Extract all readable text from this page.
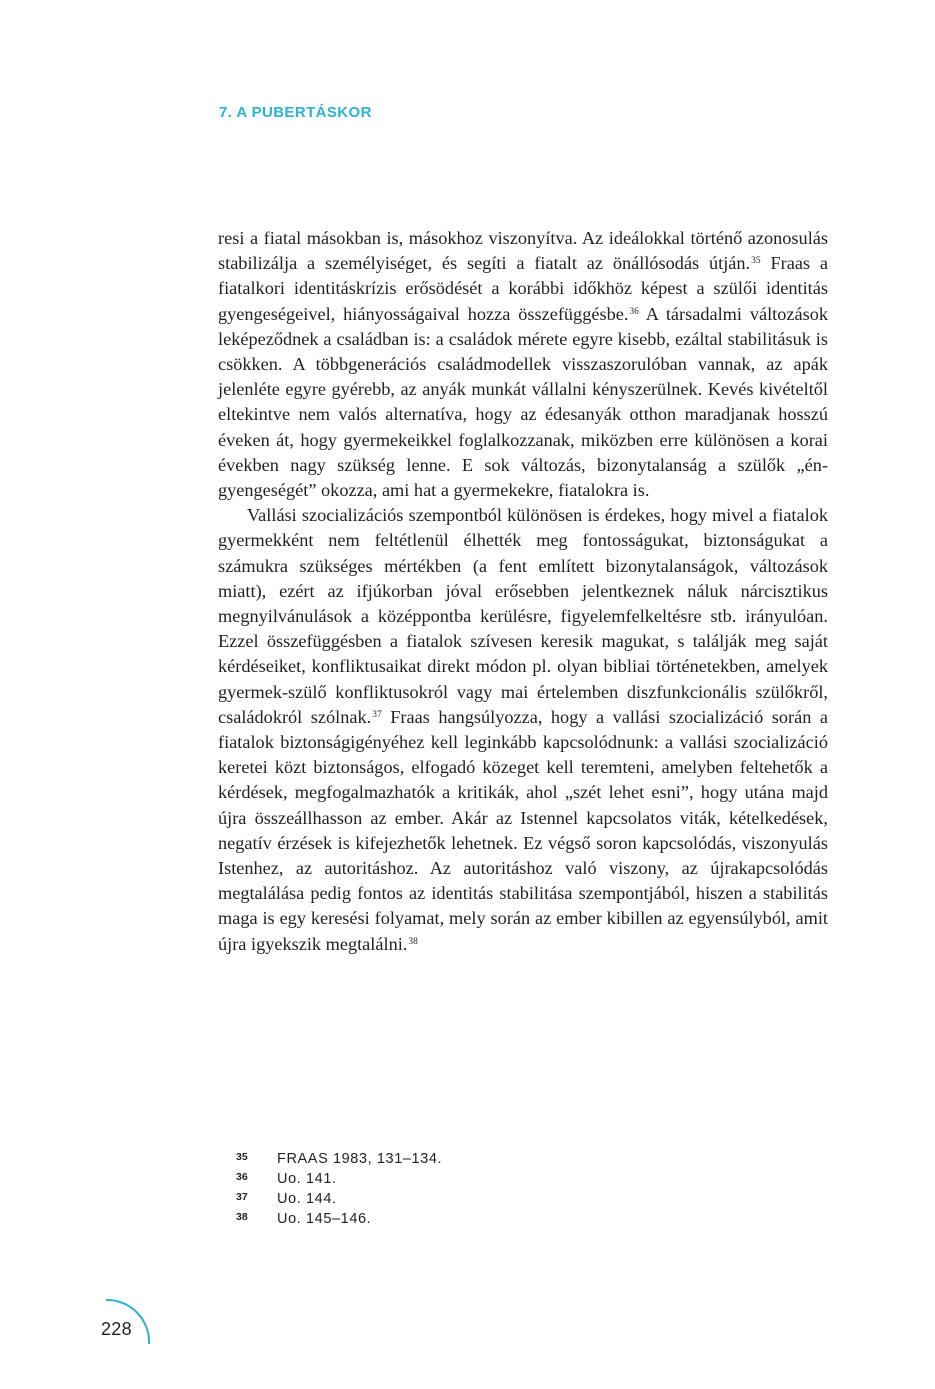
7. A PUBERTÁSKOR

resi a fiatal másokban is, másokhoz viszonyítva. Az ideálokkal történő azonosulás stabilizálja a személyiséget, és segíti a fiatalt az önállósodás útján.$^{35}$ Fraas a fiatalkori identitáskrízis erősödését a korábbi időkhöz képest a szülői identitás gyengeségeivel, hiányosságaival hozza összefüggésbe.$^{36}$ A társadalmi változások leképeződnek a családban is: a családok mérete egyre kisebb, ezáltal stabilitásuk is csökken. A többgenerációs családmodellek visszaszorulóban vannak, az apák jelenléte egyre gyérebb, az anyák munkát vállalni kényszerülnek. Kevés kivételtől eltekintve nem valós alternatíva, hogy az édesanyák otthon maradjanak hosszú éveken át, hogy gyermekeikkel foglalkozzanak, miközben erre különösen a korai években nagy szükség lenne. E sok változás, bizonytalanság a szülők „én-gyengeségét” okozza, ami hat a gyermekekre, fiatalokra is.

Vallási szocializációs szempontból különösen is érdekes, hogy mivel a fiatalok gyermekként nem feltétlenül élhették meg fontosságukat, biztonságukat a számukra szükséges mértékben (a fent említett bizonytalanságok, változások miatt), ezért az ifjúkorban jóval erősebben jelentkeznek náluk nárcisztikus megnyilvánulások a középpontba kerülésre, figyelemfelkeltésre stb. irányulóan. Ezzel összefüggésben a fiatalok szívesen keresik magukat, s találják meg saját kérdéseiket, konfliktusaikat direkt módon pl. olyan bibliai történetekben, amelyek gyermek-szülő konfliktusokról vagy mai értelemben diszfunkcionális szülőkről, családokról szólnak.$^{37}$ Fraas hangsúlyozza, hogy a vallási szocializáció során a fiatalok biztonságigényéhez kell leginkább kapcsolódnunk: a vallási szocializáció keretei közt biztonságos, elfogadó közeget kell teremteni, amelyben feltehetők a kérdések, megfogalmazhatók a kritikák, ahol „szét lehet esni”, hogy utána majd újra összeállhasson az ember. Akár az Istennel kapcsolatos viták, kételkedések, negatív érzések is kifejezhetők lehetnek. Ez végső soron kapcsolódás, viszonyulás Istenhez, az autoritáshoz. Az autoritáshoz való viszony, az újrakapcsolódás megtalálása pedig fontos az identitás stabilitása szempontjából, hiszen a stabilitás maga is egy keresési folyamat, mely során az ember kibillen az egyensúlyból, amit újra igyekszik megtalálni.$^{38}$

35	FRAAS 1983, 131–134.
36	Uo. 141.
37	Uo. 144.
38	Uo. 145–146.
228
